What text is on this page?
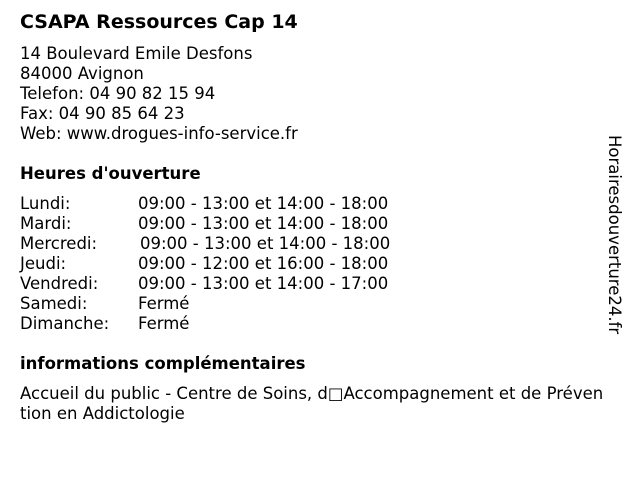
CSAPA Ressources Cap 14
14 Boulevard Emile Desfons
84000 Avignon
Telefon: 04 90 82 15 94
Fax: 04 90 85 64 23
Web: www.drogues-info-service.fr
Heures d'ouverture
Lundi:	09:00 - 13:00 et 14:00 - 18:00
Mardi:	09:00 - 13:00 et 14:00 - 18:00
Mercredi:	09:00 - 13:00 et 14:00 - 18:00
Jeudi:	09:00 - 12:00 et 16:00 - 18:00
Vendredi: 09:00 - 13:00 et 14:00 - 17:00
Samedi:	Fermé
Dimanche: Fermé
informations complémentaires
Accueil du public - Centre de Soins, d□Accompagnement et de Prévention en Addictologie
Horairesdouverture24.fr
